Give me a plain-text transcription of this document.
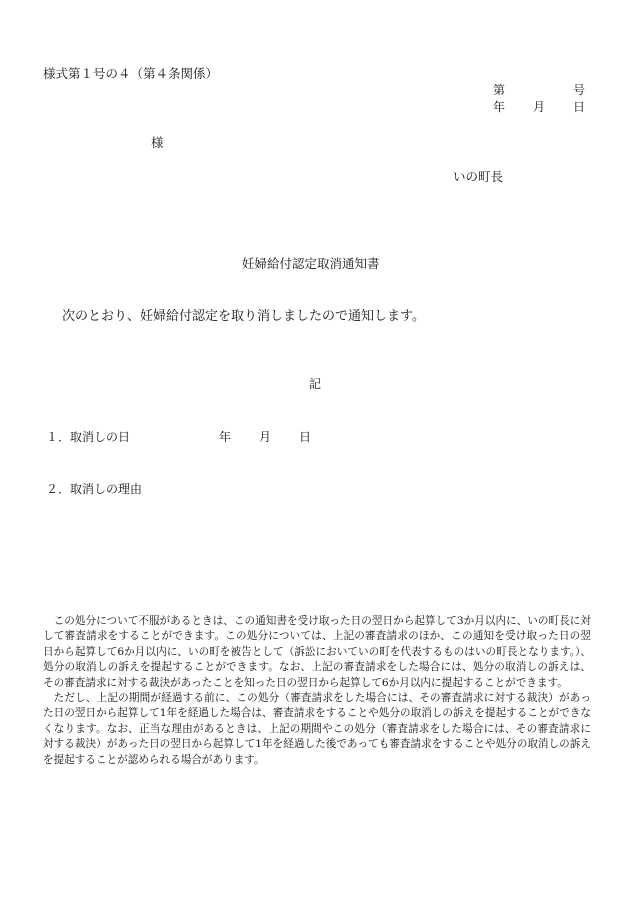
様式第１号の４（第４条関係）
第	号
年 月 日
様
いの町長
妊婦給付認定取消通知書
次のとおり、妊婦給付認定を取り消しましたので通知します。
記
１．取消しの日	年 月 日
２．取消しの理由

この処分について不服があるときは、この通知書を受け取った日の翌日から起算して3か月以内に、いの町長に対して審査請求をすることができます。この処分については、上記の審査請求のほか、この通知を受け取った日の翌日から起算して6か月以内に、いの町を被告として（訴訟においていの町を代表するものはいの町長となります。）、処分の取消しの訴えを提起することができます。なお、上記の審査請求をした場合には、処分の取消しの訴えは、その審査請求に対する裁決があったことを知った日の翌日から起算して6か月以内に提起することができます。

ただし、上記の期間が経過する前に、この処分（審査請求をした場合には、その審査請求に対する裁決）があった日の翌日から起算して1年を経過した場合は、審査請求をすることや処分の取消しの訴えを提起することができなくなります。なお、正当な理由があるときは、上記の期間やこの処分（審査請求をした場合には、その審査請求に対する裁決）があった日の翌日から起算して1年を経過した後であっても審査請求をすることや処分の取消しの訴えを提起することが認められる場合があります。
